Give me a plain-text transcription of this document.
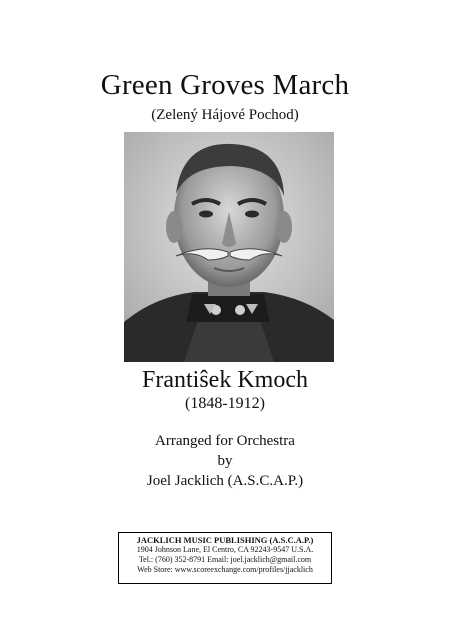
Green Groves March
(Zelený Hájové Pochod)
Frantiŝek Kmoch
(1848-1912)
Arranged for Orchestra
by
Joel Jacklich (A.S.C.A.P.)
JACKLICH MUSIC PUBLISHING (A.S.C.A.P.)
1904 Johnson Lane, El Centro, CA 92243-9547 U.S.A.
Tel.: (760) 352-8791 Email: joel.jacklich@gmail.com
Web Store: www.scoreexchange.com/profiles/jjacklich
